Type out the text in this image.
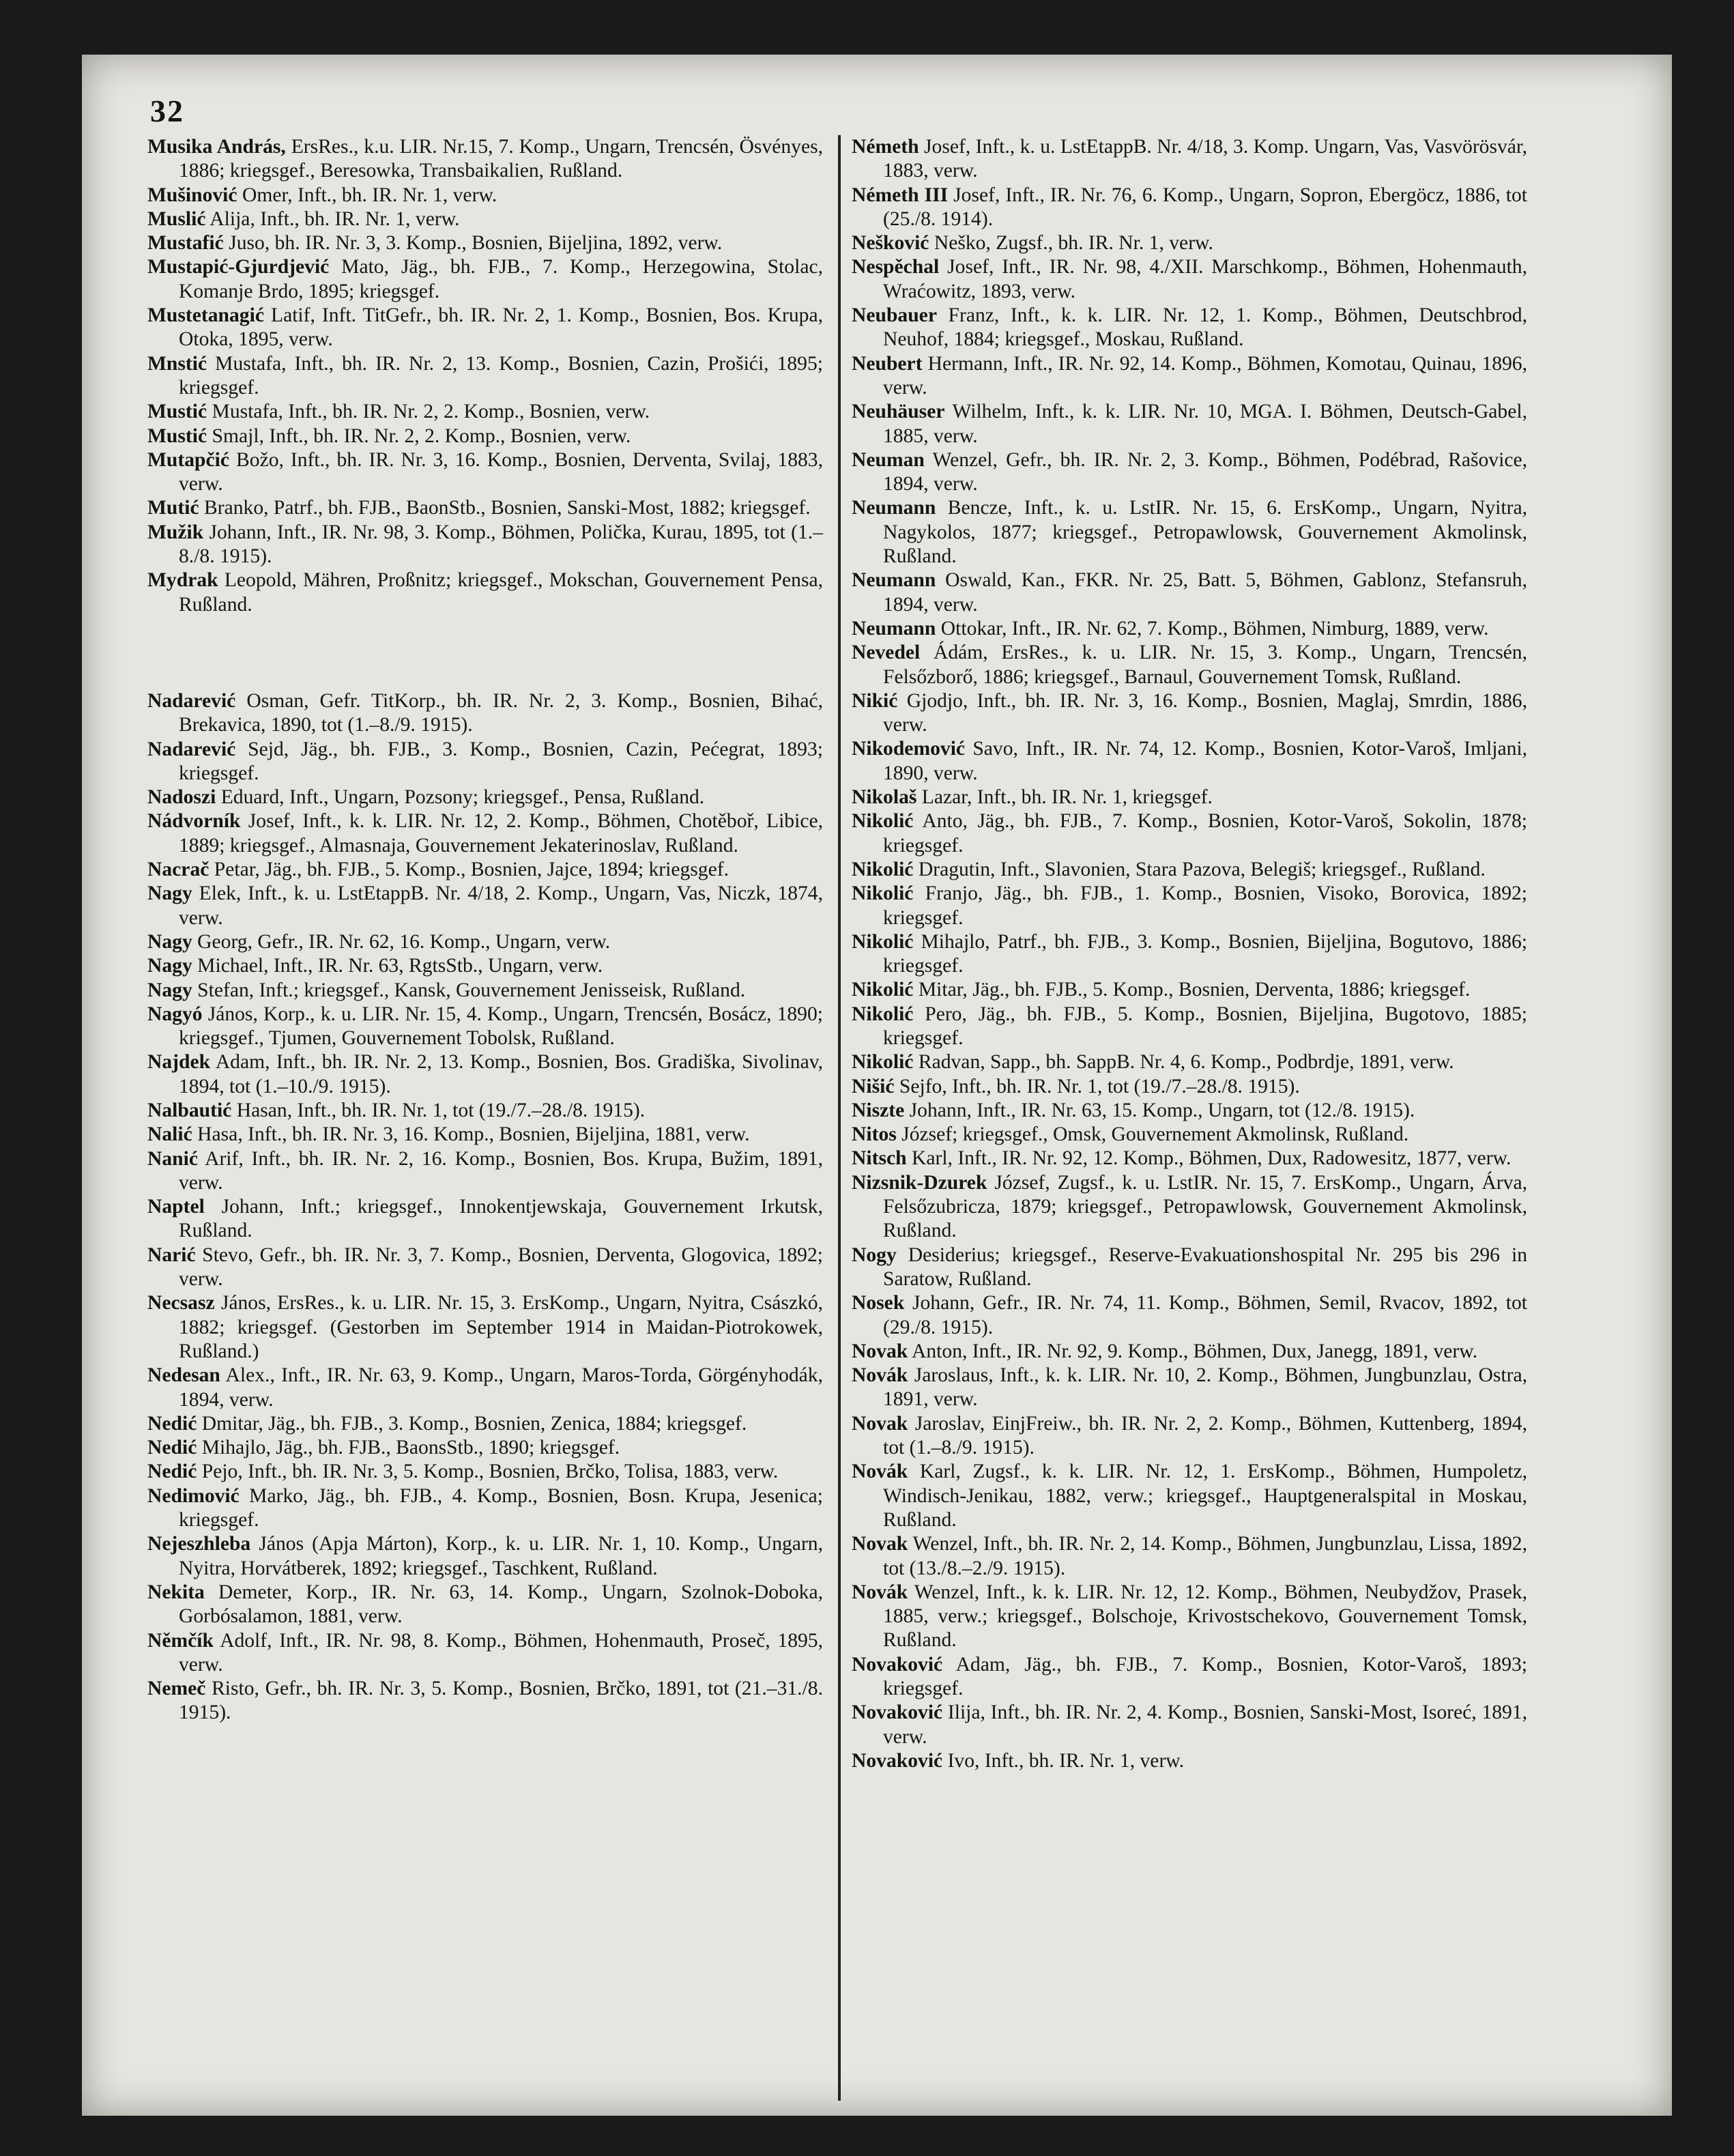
32

Musika András, ErsRes., k.u. LIR. Nr.15, 7. Komp., Ungarn, Trencsén, Ösvényes, 1886; kriegsgef., Beresowka, Transbaikalien, Rußland.

Mušinović Omer, Inft., bh. IR. Nr. 1, verw.

Muslić Alija, Inft., bh. IR. Nr. 1, verw.

Mustafić Juso, bh. IR. Nr. 3, 3. Komp., Bosnien, Bijeljina, 1892, verw.

Mustapić-Gjurdjević Mato, Jäg., bh. FJB., 7. Komp., Herzegowina, Stolac, Komanje Brdo, 1895; kriegsgef.

Mustetanagić Latif, Inft. TitGefr., bh. IR. Nr. 2, 1. Komp., Bosnien, Bos. Krupa, Otoka, 1895, verw.

Mnstić Mustafa, Inft., bh. IR. Nr. 2, 13. Komp., Bosnien, Cazin, Prošići, 1895; kriegsgef.

Mustić Mustafa, Inft., bh. IR. Nr. 2, 2. Komp., Bosnien, verw.

Mustić Smajl, Inft., bh. IR. Nr. 2, 2. Komp., Bosnien, verw.

Mutapčić Božo, Inft., bh. IR. Nr. 3, 16. Komp., Bosnien, Derventa, Svilaj, 1883, verw.

Mutić Branko, Patrf., bh. FJB., BaonStb., Bosnien, Sanski-Most, 1882; kriegsgef.

Mužik Johann, Inft., IR. Nr. 98, 3. Komp., Böhmen, Polička, Kurau, 1895, tot (1.–8./8. 1915).

Mydrak Leopold, Mähren, Proßnitz; kriegsgef., Mokschan, Gouvernement Pensa, Rußland.

Nadarević Osman, Gefr. TitKorp., bh. IR. Nr. 2, 3. Komp., Bosnien, Bihać, Brekavica, 1890, tot (1.–8./9. 1915).

Nadarević Sejd, Jäg., bh. FJB., 3. Komp., Bosnien, Cazin, Pećegrat, 1893; kriegsgef.

Nadoszi Eduard, Inft., Ungarn, Pozsony; kriegsgef., Pensa, Rußland.

Nádvorník Josef, Inft., k. k. LIR. Nr. 12, 2. Komp., Böhmen, Chotěboř, Libice, 1889; kriegsgef., Almasnaja, Gouvernement Jekaterinoslav, Rußland.

Nacrač Petar, Jäg., bh. FJB., 5. Komp., Bosnien, Jajce, 1894; kriegsgef.

Nagy Elek, Inft., k. u. LstEtappB. Nr. 4/18, 2. Komp., Ungarn, Vas, Niczk, 1874, verw.

Nagy Georg, Gefr., IR. Nr. 62, 16. Komp., Ungarn, verw.

Nagy Michael, Inft., IR. Nr. 63, RgtsStb., Ungarn, verw.

Nagy Stefan, Inft.; kriegsgef., Kansk, Gouvernement Jenisseisk, Rußland.

Nagyó János, Korp., k. u. LIR. Nr. 15, 4. Komp., Ungarn, Trencsén, Bosácz, 1890; kriegsgef., Tjumen, Gouvernement Tobolsk, Rußland.

Najdek Adam, Inft., bh. IR. Nr. 2, 13. Komp., Bosnien, Bos. Gradiška, Sivolinav, 1894, tot (1.–10./9. 1915).

Nalbautić Hasan, Inft., bh. IR. Nr. 1, tot (19./7.–28./8. 1915).

Nalić Hasa, Inft., bh. IR. Nr. 3, 16. Komp., Bosnien, Bijeljina, 1881, verw.

Nanić Arif, Inft., bh. IR. Nr. 2, 16. Komp., Bosnien, Bos. Krupa, Bužim, 1891, verw.

Naptel Johann, Inft.; kriegsgef., Innokentjewskaja, Gouvernement Irkutsk, Rußland.

Narić Stevo, Gefr., bh. IR. Nr. 3, 7. Komp., Bosnien, Derventa, Glogovica, 1892; verw.

Necsasz János, ErsRes., k. u. LIR. Nr. 15, 3. ErsKomp., Ungarn, Nyitra, Császkó, 1882; kriegsgef. (Gestorben im September 1914 in Maidan-Piotrokowek, Rußland.)

Nedesan Alex., Inft., IR. Nr. 63, 9. Komp., Ungarn, Maros-Torda, Görgényhodák, 1894, verw.

Nedić Dmitar, Jäg., bh. FJB., 3. Komp., Bosnien, Zenica, 1884; kriegsgef.

Nedić Mihajlo, Jäg., bh. FJB., BaonsStb., 1890; kriegsgef.

Nedić Pejo, Inft., bh. IR. Nr. 3, 5. Komp., Bosnien, Brčko, Tolisa, 1883, verw.

Nedimović Marko, Jäg., bh. FJB., 4. Komp., Bosnien, Bosn. Krupa, Jesenica; kriegsgef.

Nejeszhleba János (Apja Márton), Korp., k. u. LIR. Nr. 1, 10. Komp., Ungarn, Nyitra, Horvátberek, 1892; kriegsgef., Taschkent, Rußland.

Nekita Demeter, Korp., IR. Nr. 63, 14. Komp., Ungarn, Szolnok-Doboka, Gorbósalamon, 1881, verw.

Němčík Adolf, Inft., IR. Nr. 98, 8. Komp., Böhmen, Hohenmauth, Proseč, 1895, verw.

Nemeč Risto, Gefr., bh. IR. Nr. 3, 5. Komp., Bosnien, Brčko, 1891, tot (21.–31./8. 1915).

Németh Josef, Inft., k. u. LstEtappB. Nr. 4/18, 3. Komp. Ungarn, Vas, Vasvörösvár, 1883, verw.

Németh III Josef, Inft., IR. Nr. 76, 6. Komp., Ungarn, Sopron, Ebergöcz, 1886, tot (25./8. 1914).

Nešković Neško, Zugsf., bh. IR. Nr. 1, verw.

Nespěchal Josef, Inft., IR. Nr. 98, 4./XII. Marschkomp., Böhmen, Hohenmauth, Wraćowitz, 1893, verw.

Neubauer Franz, Inft., k. k. LIR. Nr. 12, 1. Komp., Böhmen, Deutschbrod, Neuhof, 1884; kriegsgef., Moskau, Rußland.

Neubert Hermann, Inft., IR. Nr. 92, 14. Komp., Böhmen, Komotau, Quinau, 1896, verw.

Neuhäuser Wilhelm, Inft., k. k. LIR. Nr. 10, MGA. I. Böhmen, Deutsch-Gabel, 1885, verw.

Neuman Wenzel, Gefr., bh. IR. Nr. 2, 3. Komp., Böhmen, Podébrad, Rašovice, 1894, verw.

Neumann Bencze, Inft., k. u. LstIR. Nr. 15, 6. ErsKomp., Ungarn, Nyitra, Nagykolos, 1877; kriegsgef., Petropawlowsk, Gouvernement Akmolinsk, Rußland.

Neumann Oswald, Kan., FKR. Nr. 25, Batt. 5, Böhmen, Gablonz, Stefansruh, 1894, verw.

Neumann Ottokar, Inft., IR. Nr. 62, 7. Komp., Böhmen, Nimburg, 1889, verw.

Nevedel Ádám, ErsRes., k. u. LIR. Nr. 15, 3. Komp., Ungarn, Trencsén, Felsőzborő, 1886; kriegsgef., Barnaul, Gouvernement Tomsk, Rußland.

Nikić Gjodjo, Inft., bh. IR. Nr. 3, 16. Komp., Bosnien, Maglaj, Smrdin, 1886, verw.

Nikodemović Savo, Inft., IR. Nr. 74, 12. Komp., Bosnien, Kotor-Varoš, Imljani, 1890, verw.

Nikolaš Lazar, Inft., bh. IR. Nr. 1, kriegsgef.

Nikolić Anto, Jäg., bh. FJB., 7. Komp., Bosnien, Kotor-Varoš, Sokolin, 1878; kriegsgef.

Nikolić Dragutin, Inft., Slavonien, Stara Pazova, Belegiš; kriegsgef., Rußland.

Nikolić Franjo, Jäg., bh. FJB., 1. Komp., Bosnien, Visoko, Borovica, 1892; kriegsgef.

Nikolić Mihajlo, Patrf., bh. FJB., 3. Komp., Bosnien, Bijeljina, Bogutovo, 1886; kriegsgef.

Nikolić Mitar, Jäg., bh. FJB., 5. Komp., Bosnien, Derventa, 1886; kriegsgef.

Nikolić Pero, Jäg., bh. FJB., 5. Komp., Bosnien, Bijeljina, Bugotovo, 1885; kriegsgef.

Nikolić Radvan, Sapp., bh. SappB. Nr. 4, 6. Komp., Podbrdje, 1891, verw.

Nišić Sejfo, Inft., bh. IR. Nr. 1, tot (19./7.–28./8. 1915).

Niszte Johann, Inft., IR. Nr. 63, 15. Komp., Ungarn, tot (12./8. 1915).

Nitos József; kriegsgef., Omsk, Gouvernement Akmolinsk, Rußland.

Nitsch Karl, Inft., IR. Nr. 92, 12. Komp., Böhmen, Dux, Radowesitz, 1877, verw.

Nizsnik-Dzurek József, Zugsf., k. u. LstIR. Nr. 15, 7. ErsKomp., Ungarn, Árva, Felsőzubricza, 1879; kriegsgef., Petropawlowsk, Gouvernement Akmolinsk, Rußland.

Nogy Desiderius; kriegsgef., Reserve-Evakuationshospital Nr. 295 bis 296 in Saratow, Rußland.

Nosek Johann, Gefr., IR. Nr. 74, 11. Komp., Böhmen, Semil, Rvacov, 1892, tot (29./8. 1915).

Novak Anton, Inft., IR. Nr. 92, 9. Komp., Böhmen, Dux, Janegg, 1891, verw.

Novák Jaroslaus, Inft., k. k. LIR. Nr. 10, 2. Komp., Böhmen, Jungbunzlau, Ostra, 1891, verw.

Novak Jaroslav, EinjFreiw., bh. IR. Nr. 2, 2. Komp., Böhmen, Kuttenberg, 1894, tot (1.–8./9. 1915).

Novák Karl, Zugsf., k. k. LIR. Nr. 12, 1. ErsKomp., Böhmen, Humpoletz, Windisch-Jenikau, 1882, verw.; kriegsgef., Hauptgeneralspital in Moskau, Rußland.

Novak Wenzel, Inft., bh. IR. Nr. 2, 14. Komp., Böhmen, Jungbunzlau, Lissa, 1892, tot (13./8.–2./9. 1915).

Novák Wenzel, Inft., k. k. LIR. Nr. 12, 12. Komp., Böhmen, Neubydžov, Prasek, 1885, verw.; kriegsgef., Bolschoje, Krivostschekovo, Gouvernement Tomsk, Rußland.

Novaković Adam, Jäg., bh. FJB., 7. Komp., Bosnien, Kotor-Varoš, 1893; kriegsgef.

Novaković Ilija, Inft., bh. IR. Nr. 2, 4. Komp., Bosnien, Sanski-Most, Isoreć, 1891, verw.

Novaković Ivo, Inft., bh. IR. Nr. 1, verw.
